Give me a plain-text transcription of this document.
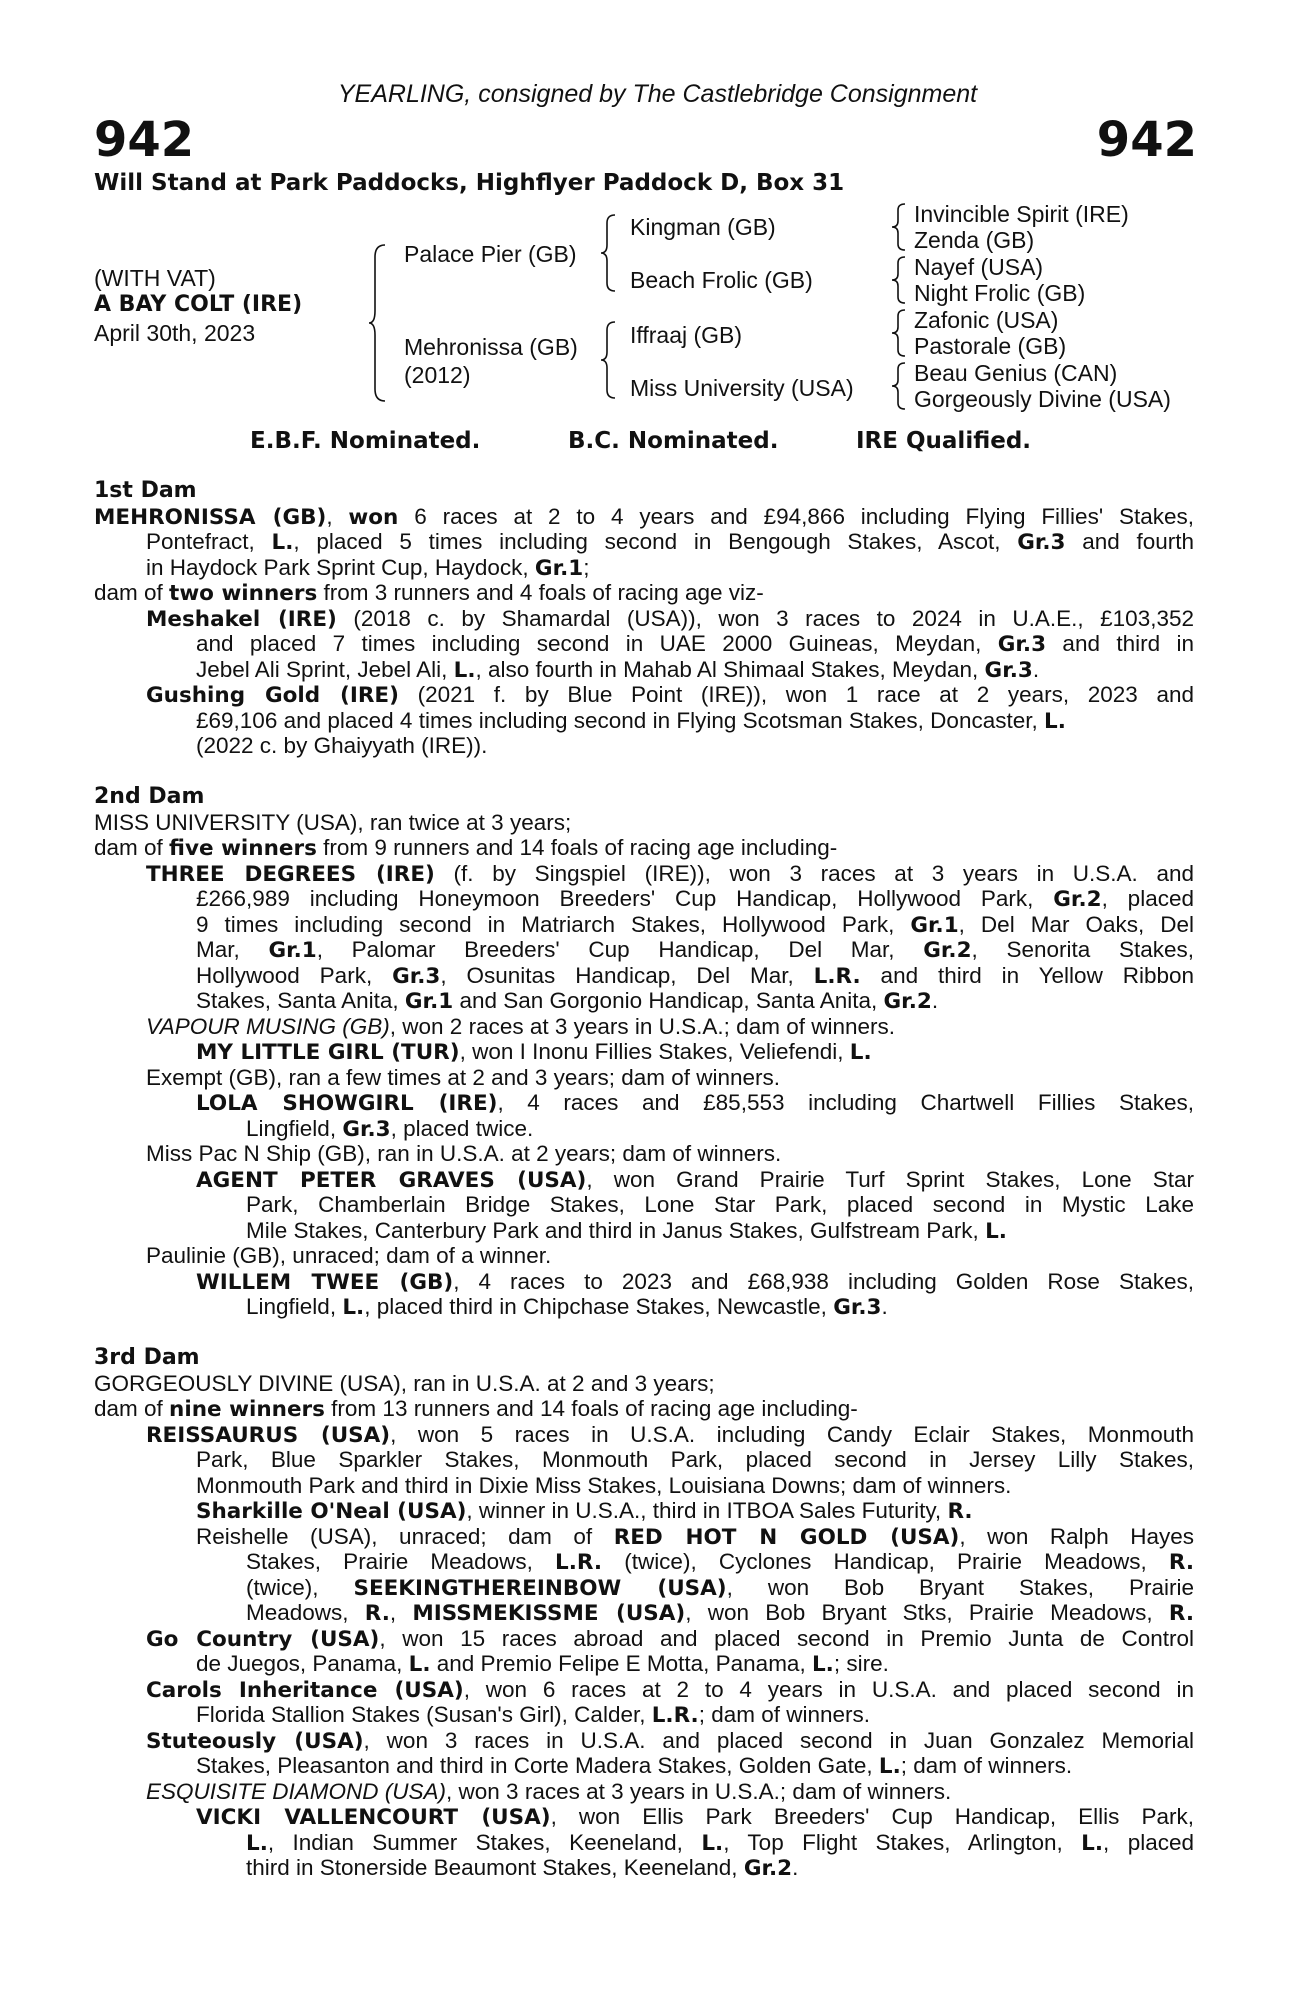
YEARLING, consigned by The Castlebridge Consignment
942	942
Will Stand at Park Paddocks, Highflyer Paddock D, Box 31
(WITH VAT)
A BAY COLT (IRE)
April 30th, 2023
Palace Pier (GB)
Mehronissa (GB)
(2012)
Kingman (GB)
Beach Frolic (GB)
Iffraaj (GB)
Miss University (USA)
Invincible Spirit (IRE)
Zenda (GB)
Nayef (USA)
Night Frolic (GB)
Zafonic (USA)
Pastorale (GB)
Beau Genius (CAN)
Gorgeously Divine (USA)
E.B.F. Nominated.	B.C. Nominated.	IRE Qualified.
1st Dam
MEHRONISSA (GB), won 6 races at 2 to 4 years and £94,866 including Flying Fillies' Stakes,
Pontefract, L., placed 5 times including second in Bengough Stakes, Ascot, Gr.3 and fourth
in Haydock Park Sprint Cup, Haydock, Gr.1;
dam of two winners from 3 runners and 4 foals of racing age viz-
Meshakel (IRE) (2018 c. by Shamardal (USA)), won 3 races to 2024 in U.A.E., £103,352
and placed 7 times including second in UAE 2000 Guineas, Meydan, Gr.3 and third in
Jebel Ali Sprint, Jebel Ali, L., also fourth in Mahab Al Shimaal Stakes, Meydan, Gr.3.
Gushing Gold (IRE) (2021 f. by Blue Point (IRE)), won 1 race at 2 years, 2023 and
£69,106 and placed 4 times including second in Flying Scotsman Stakes, Doncaster, L.
(2022 c. by Ghaiyyath (IRE)).
2nd Dam
MISS UNIVERSITY (USA), ran twice at 3 years;
dam of five winners from 9 runners and 14 foals of racing age including-
THREE DEGREES (IRE) (f. by Singspiel (IRE)), won 3 races at 3 years in U.S.A. and
£266,989 including Honeymoon Breeders' Cup Handicap, Hollywood Park, Gr.2, placed
9 times including second in Matriarch Stakes, Hollywood Park, Gr.1, Del Mar Oaks, Del
Mar, Gr.1, Palomar Breeders' Cup Handicap, Del Mar, Gr.2, Senorita Stakes,
Hollywood Park, Gr.3, Osunitas Handicap, Del Mar, L.R. and third in Yellow Ribbon
Stakes, Santa Anita, Gr.1 and San Gorgonio Handicap, Santa Anita, Gr.2.
VAPOUR MUSING (GB), won 2 races at 3 years in U.S.A.; dam of winners.
MY LITTLE GIRL (TUR), won I Inonu Fillies Stakes, Veliefendi, L.
Exempt (GB), ran a few times at 2 and 3 years; dam of winners.
LOLA SHOWGIRL (IRE), 4 races and £85,553 including Chartwell Fillies Stakes,
Lingfield, Gr.3, placed twice.
Miss Pac N Ship (GB), ran in U.S.A. at 2 years; dam of winners.
AGENT PETER GRAVES (USA), won Grand Prairie Turf Sprint Stakes, Lone Star
Park, Chamberlain Bridge Stakes, Lone Star Park, placed second in Mystic Lake
Mile Stakes, Canterbury Park and third in Janus Stakes, Gulfstream Park, L.
Paulinie (GB), unraced; dam of a winner.
WILLEM TWEE (GB), 4 races to 2023 and £68,938 including Golden Rose Stakes,
Lingfield, L., placed third in Chipchase Stakes, Newcastle, Gr.3.
3rd Dam
GORGEOUSLY DIVINE (USA), ran in U.S.A. at 2 and 3 years;
dam of nine winners from 13 runners and 14 foals of racing age including-
REISSAURUS (USA), won 5 races in U.S.A. including Candy Eclair Stakes, Monmouth
Park, Blue Sparkler Stakes, Monmouth Park, placed second in Jersey Lilly Stakes,
Monmouth Park and third in Dixie Miss Stakes, Louisiana Downs; dam of winners.
Sharkille O'Neal (USA), winner in U.S.A., third in ITBOA Sales Futurity, R.
Reishelle (USA), unraced; dam of RED HOT N GOLD (USA), won Ralph Hayes
Stakes, Prairie Meadows, L.R. (twice), Cyclones Handicap, Prairie Meadows, R.
(twice), SEEKINGTHEREINBOW (USA), won Bob Bryant Stakes, Prairie
Meadows, R., MISSMEKISSME (USA), won Bob Bryant Stks, Prairie Meadows, R.
Go Country (USA), won 15 races abroad and placed second in Premio Junta de Control
de Juegos, Panama, L. and Premio Felipe E Motta, Panama, L.; sire.
Carols Inheritance (USA), won 6 races at 2 to 4 years in U.S.A. and placed second in
Florida Stallion Stakes (Susan's Girl), Calder, L.R.; dam of winners.
Stuteously (USA), won 3 races in U.S.A. and placed second in Juan Gonzalez Memorial
Stakes, Pleasanton and third in Corte Madera Stakes, Golden Gate, L.; dam of winners.
ESQUISITE DIAMOND (USA), won 3 races at 3 years in U.S.A.; dam of winners.
VICKI VALLENCOURT (USA), won Ellis Park Breeders' Cup Handicap, Ellis Park,
L., Indian Summer Stakes, Keeneland, L., Top Flight Stakes, Arlington, L., placed
third in Stonerside Beaumont Stakes, Keeneland, Gr.2.
